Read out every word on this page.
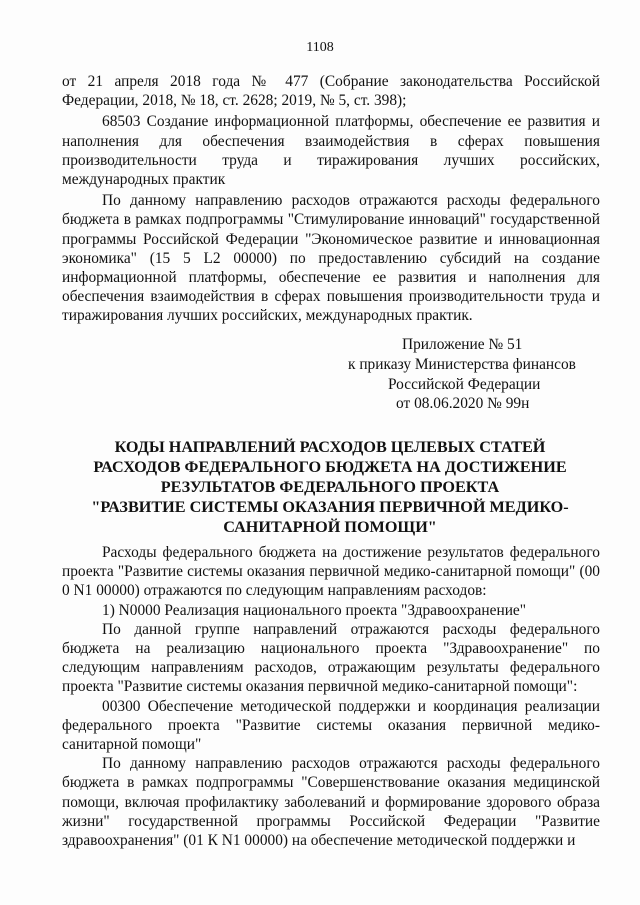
1108

от 21 апреля 2018 года № 477 (Собрание законодательства Российской Федерации, 2018, № 18, ст. 2628; 2019, № 5, ст. 398);

68503 Создание информационной платформы, обеспечение ее развития и наполнения для обеспечения взаимодействия в сферах повышения производительности труда и тиражирования лучших российских, международных практик

По данному направлению расходов отражаются расходы федерального бюджета в рамках подпрограммы "Стимулирование инноваций" государственной программы Российской Федерации "Экономическое развитие и инновационная экономика" (15 5 L2 00000) по предоставлению субсидий на создание информационной платформы, обеспечение ее развития и наполнения для обеспечения взаимодействия в сферах повышения производительности труда и тиражирования лучших российских, международных практик.

Приложение № 51
к приказу Министерства финансов
Российской Федерации
от 08.06.2020 № 99н
КОДЫ НАПРАВЛЕНИЙ РАСХОДОВ ЦЕЛЕВЫХ СТАТЕЙ
РАСХОДОВ ФЕДЕРАЛЬНОГО БЮДЖЕТА НА ДОСТИЖЕНИЕ
РЕЗУЛЬТАТОВ ФЕДЕРАЛЬНОГО ПРОЕКТА
"РАЗВИТИЕ СИСТЕМЫ ОКАЗАНИЯ ПЕРВИЧНОЙ МЕДИКО-
САНИТАРНОЙ ПОМОЩИ"

Расходы федерального бюджета на достижение результатов федерального проекта "Развитие системы оказания первичной медико-санитарной помощи" (00 0 N1 00000) отражаются по следующим направлениям расходов:

1) N0000 Реализация национального проекта "Здравоохранение"

По данной группе направлений отражаются расходы федерального бюджета на реализацию национального проекта "Здравоохранение" по следующим направлениям расходов, отражающим результаты федерального проекта "Развитие системы оказания первичной медико-санитарной помощи":

00300 Обеспечение методической поддержки и координация реализации федерального проекта "Развитие системы оказания первичной медико-санитарной помощи"

По данному направлению расходов отражаются расходы федерального бюджета в рамках подпрограммы "Совершенствование оказания медицинской помощи, включая профилактику заболеваний и формирование здорового образа жизни" государственной программы Российской Федерации "Развитие здравоохранения" (01 К N1 00000) на обеспечение методической поддержки и
